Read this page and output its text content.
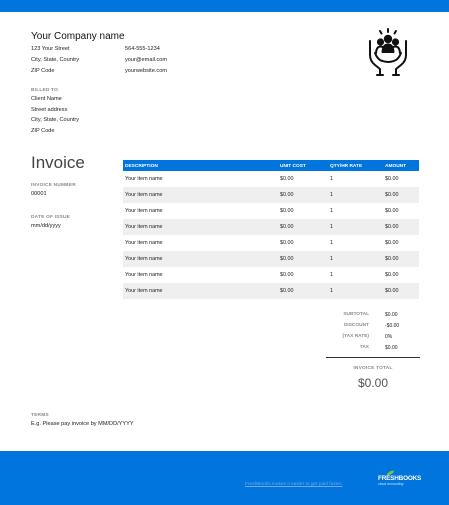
Your Company name
123 Your Street
City, State, Country
ZIP Code
564-555-1234
your@email.com
yourwebsite.com
BILLED TO
Client Name
Street address
City, State, Country
ZIP Code
Invoice
INVOICE NUMBER
00001
DATE OF ISSUE
mm/dd/yyyy
DESCRIPTION	UNIT COST	QTY/HR RATE	AMOUNT
Your item name	$0.00	1	$0.00
Your item name	$0.00	1	$0.00
Your item name	$0.00	1	$0.00
Your item name	$0.00	1	$0.00
Your item name	$0.00	1	$0.00
Your item name	$0.00	1	$0.00
Your item name	$0.00	1	$0.00
Your item name	$0.00	1	$0.00
SUBTOTAL	$0.00
DISCOUNT	-$0.00
(TAX RATE)	0%
TAX	$0.00
INVOICE TOTAL
$0.00
TERMS
E.g. Please pay invoice by MM/DD/YYYY
FreshBooks makes it easier to get paid faster.
FRESHBOOKS
cloud accounting
